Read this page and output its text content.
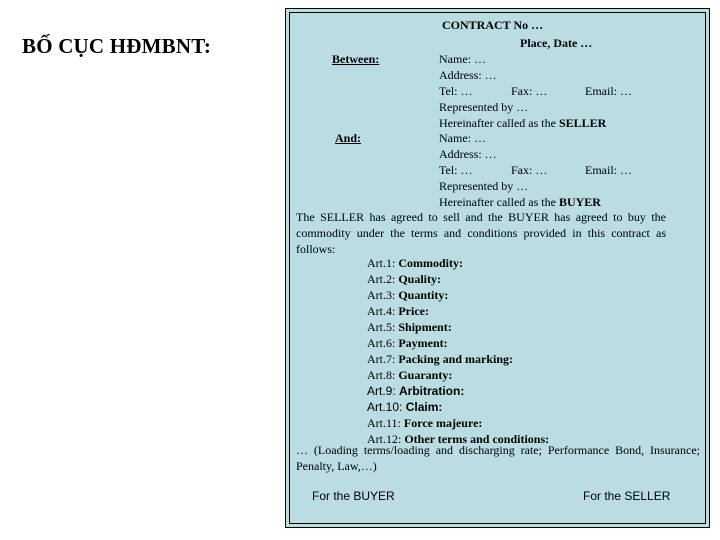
BỐ CỤC HĐMBNT:
CONTRACT No …
Place, Date …
Between:	Name: …
Address: …
Tel: …	Fax: …	Email: …
Represented by …
Hereinafter called as the SELLER
And:	Name: …
Address: …
Tel: …	Fax: …	Email: …
Represented by …
Hereinafter called as the BUYER
The SELLER has agreed to sell and the BUYER has agreed to buy the commodity under the terms and conditions provided in this contract as follows:
Art.1: Commodity:
Art.2: Quality:
Art.3: Quantity:
Art.4: Price:
Art.5: Shipment:
Art.6: Payment:
Art.7: Packing and marking:
Art.8: Guaranty:
Art.9: Arbitration:
Art.10: Claim:
Art.11: Force majeure:
Art.12: Other terms and conditions:
… (Loading terms/loading and discharging rate; Performance Bond, Insurance; Penalty, Law,…)
For the BUYER	For the SELLER
